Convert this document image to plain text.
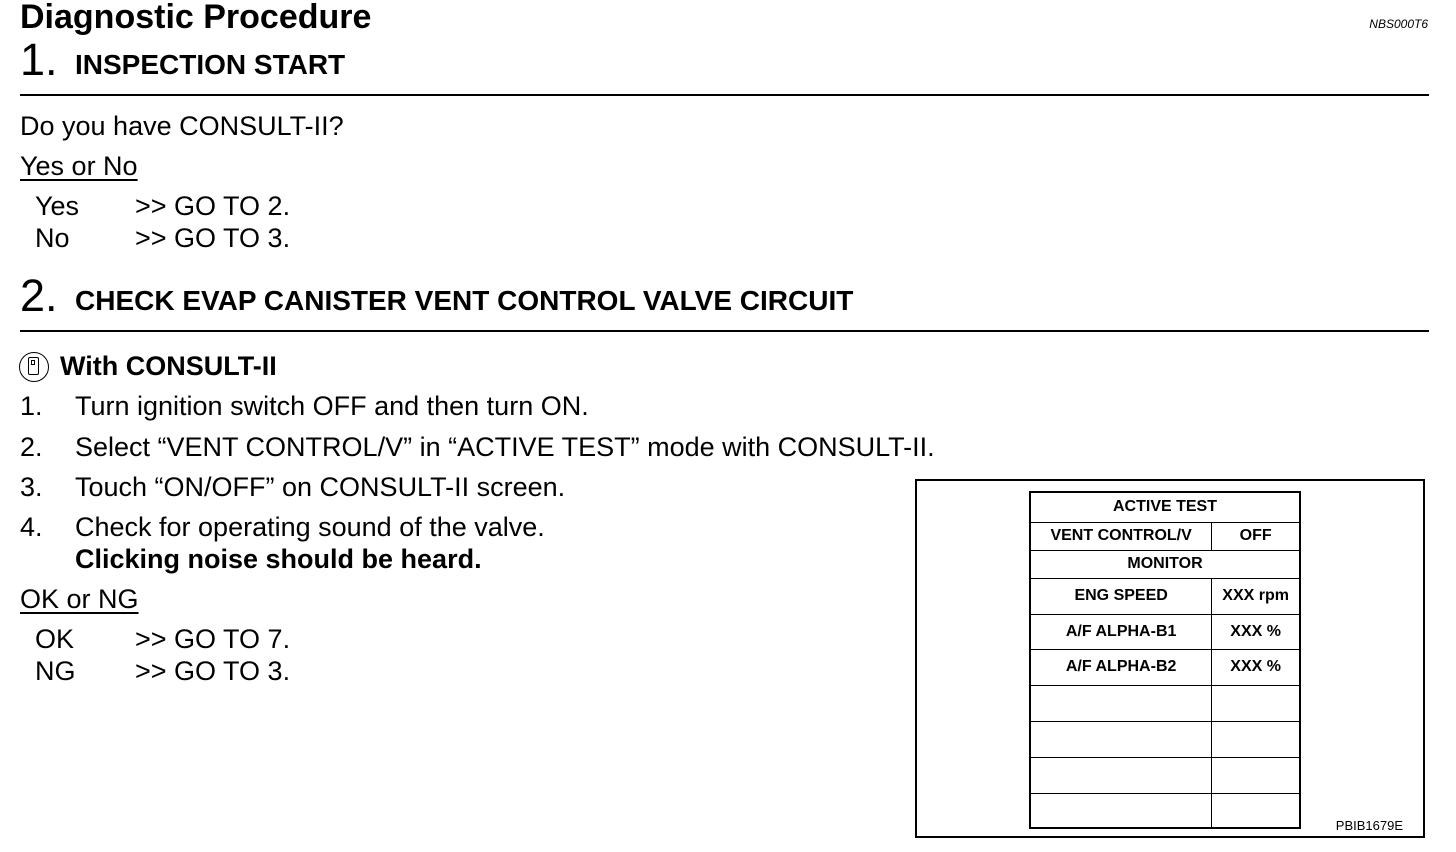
Diagnostic Procedure	NBS000T6
1. INSPECTION START
Do you have CONSULT-II?
Yes or No
Yes >> GO TO 2.
No >> GO TO 3.
2. CHECK EVAP CANISTER VENT CONTROL VALVE CIRCUIT
With CONSULT-II
1. Turn ignition switch OFF and then turn ON.
2. Select “VENT CONTROL/V” in “ACTIVE TEST” mode with CONSULT-II.
3. Touch “ON/OFF” on CONSULT-II screen.
4. Check for operating sound of the valve.
Clicking noise should be heard.
OK or NG
OK >> GO TO 7.
NG >> GO TO 3.
ACTIVE TEST	
VENT CONTROL/V	OFF
MONITOR	
ENG SPEED	XXX rpm
A/F ALPHA-B1	XXX %
A/F ALPHA-B2	XXX %

PBIB1679E
